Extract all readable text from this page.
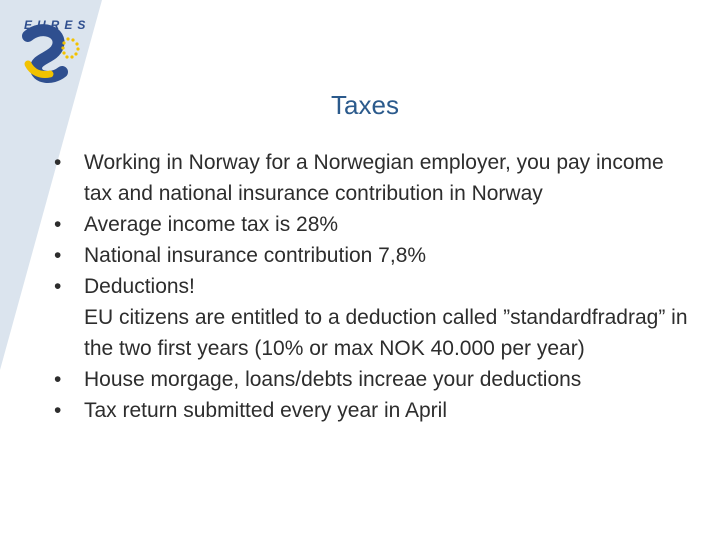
EURES
Taxes
• Working in Norway for a Norwegian employer, you pay income tax and national insurance contribution in Norway
• Average income tax is 28%
• National insurance contribution 7,8%
• Deductions!
EU citizens are entitled to a deduction called ”standardfradrag” in the two first years (10% or max NOK 40.000 per year)
• House morgage, loans/debts increae your deductions
• Tax return submitted every year in April
